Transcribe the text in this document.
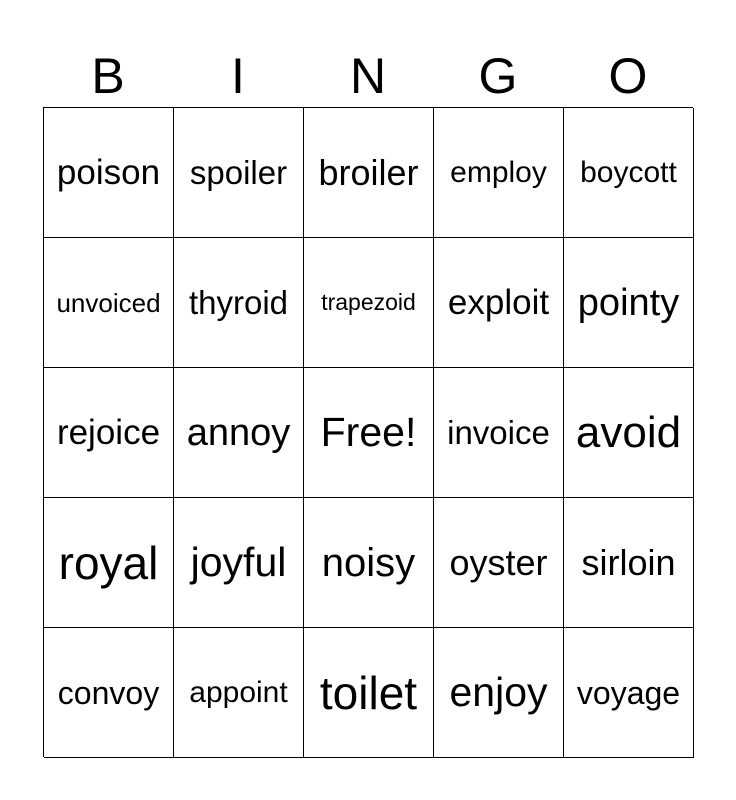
B	I	N	G	O
poison spoiler broiler	employ	boycott
unvoiced thyroid	trapezoid exploit pointy
rejoice annoy Free! invoice avoid
royal joyful noisy oyster sirloin
convoy	appoint toilet enjoy voyage
